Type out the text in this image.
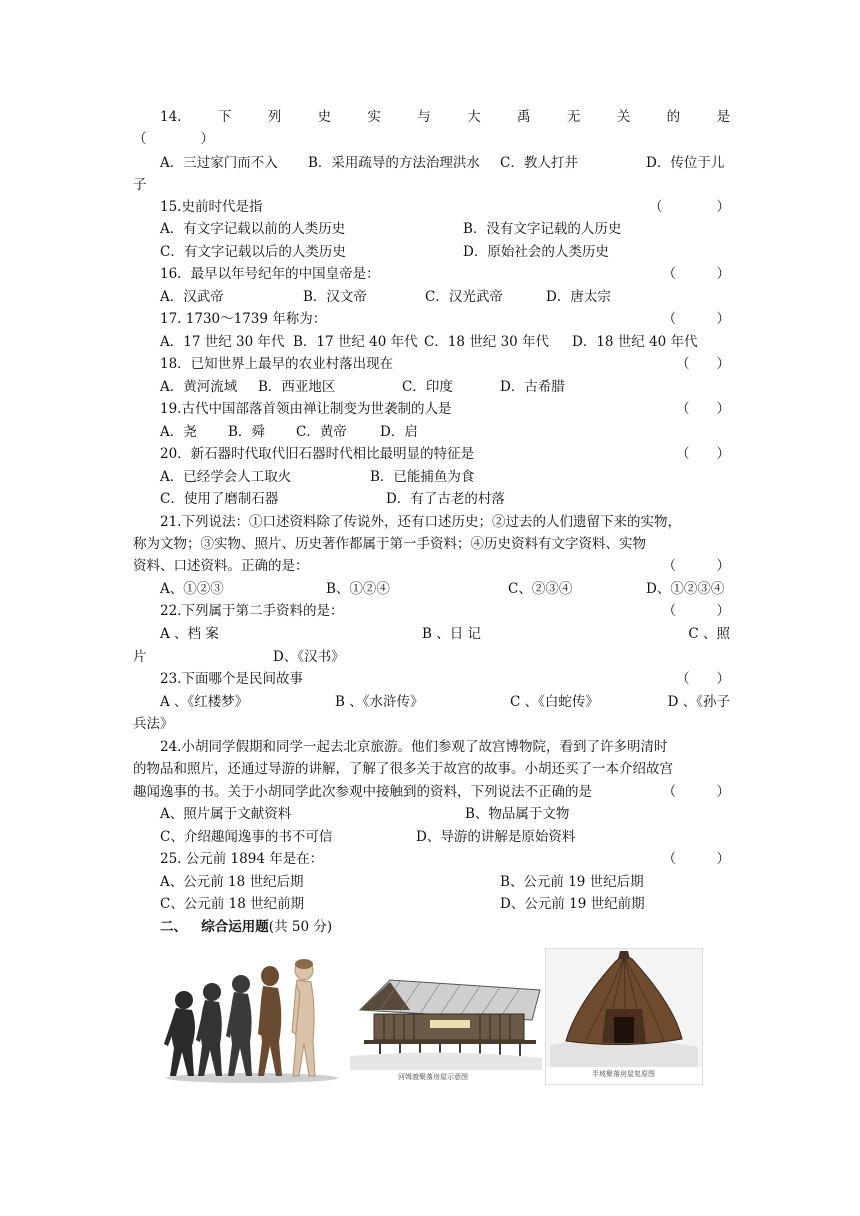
14.	下	列	史	实	与	大	禹	无	关	的	是
（　　　　）
A．三过家门而不入 B．采用疏导的方法治理洪水 C．教人打井	D．传位于儿
子
15.史前时代是指	（　　　　）
A．有文字记载以前的人类历史	B．没有文字记载的人历史
C．有文字记载以后的人类历史	D．原始社会的人类历史
16．最早以年号纪年的中国皇帝是：	（　　　）
A．汉武帝	B．汉文帝	C．汉光武帝	D．唐太宗
17. 1730～1739 年称为：	（　　　）
A．17 世纪 30 年代 B．17 世纪 40 年代 C．18 世纪 30 年代 D．18 世纪 40 年代
18．已知世界上最早的农业村落出现在	（　　）
A．黄河流域 B．西亚地区	C．印度	D．古希腊
19.古代中国部落首领由禅让制变为世袭制的人是	（　　）
A．尧 B．舜 C．黄帝 D．启
20．新石器时代取代旧石器时代相比最明显的特征是	（　　）
A．已经学会人工取火	B．已能捕鱼为食
C．使用了磨制石器	D．有了古老的村落
21.下列说法：①口述资料除了传说外，还有口述历史；②过去的人们遗留下来的实物，
称为文物；③实物、照片、历史著作都属于第一手资料；④历史资料有文字资料、实物
资料、口述资料。正确的是：	（　　　）
A、①②③	B、①②④	C、②③④	D、①②③④
22.下列属于第二手资料的是：	（　　　）
A 、档 案	B 、日 记	C 、照
片	D、《汉书》
23.下面哪个是民间故事	（　　）
A 、《红楼梦》	B 、《水浒传》	C 、《白蛇传》	D 、《孙子
兵法》
24.小胡同学假期和同学一起去北京旅游。他们参观了故宫博物院，看到了许多明清时
的物品和照片，还通过导游的讲解，了解了很多关于故宫的故事。小胡还买了一本介绍故宫
趣闻逸事的书。关于小胡同学此次参观中接触到的资料，下列说法不正确的是	（　　　）
A、照片属于文献资料	B、物品属于文物
C、介绍趣闻逸事的书不可信	D、导游的讲解是原始资料
25. 公元前 1894 年是在：	（　　　）
A、公元前 18 世纪后期	B、公元前 19 世纪后期
C、公元前 18 世纪前期	D、公元前 19 世纪前期
二、 综合运用题(共 50 分)
河姆渡聚落房屋示意图	半坡聚落房屋复原图
